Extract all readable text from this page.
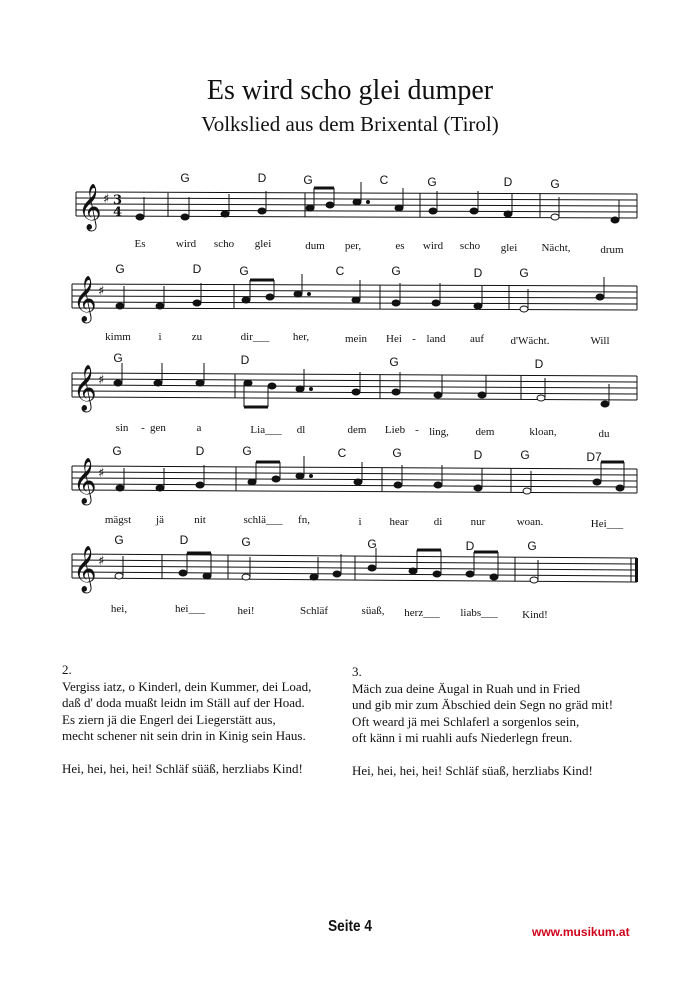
Es wird scho glei dumper
Volkslied aus dem Brixental (Tirol)
G	D	G	C	G	D	G
𝄞 ♯ 3
4
Es	wird scho glei	dum per,	es wird scho glei Nächt,	drum
G	D	G	C	G	D	G
𝄞 ♯
kimm	i	zu	dir___ her,	mein Hei - land auf d'Wächt.	Will
G	D	G	D
𝄞 ♯
sin - gen	a	Lia___ dl	dem Lieb - ling, dem	kloan,	du
G	D	G	C	G	D	G	D7
𝄞 ♯
mägst jä	nit	schlä___ fn,	i	hear di	nur	woan.	Hei___
G	D	G	G	D	G
𝄞 ♯
hei,	hei___	hei!	Schläf	süaß, herz___ liabs___ Kind!
2.
Vergiss iatz, o Kinderl, dein Kummer, dei Load,
daß d' doda muaßt leidn im Ställ auf der Hoad.
Es ziern jä die Engerl dei Liegerstätt aus,
mecht schener nit sein drin in Kinig sein Haus.
Hei, hei, hei, hei! Schläf süäß, herzliabs Kind!
3.
Mäch zua deine Äugal in Ruah und in Fried
und gib mir zum Äbschied dein Segn no gräd mit!
Oft weard jä mei Schlaferl a sorgenlos sein,
oft känn i mi ruahli aufs Niederlegn freun.
Hei, hei, hei, hei! Schläf süaß, herzliabs Kind!
Seite 4	www.musikum.at
